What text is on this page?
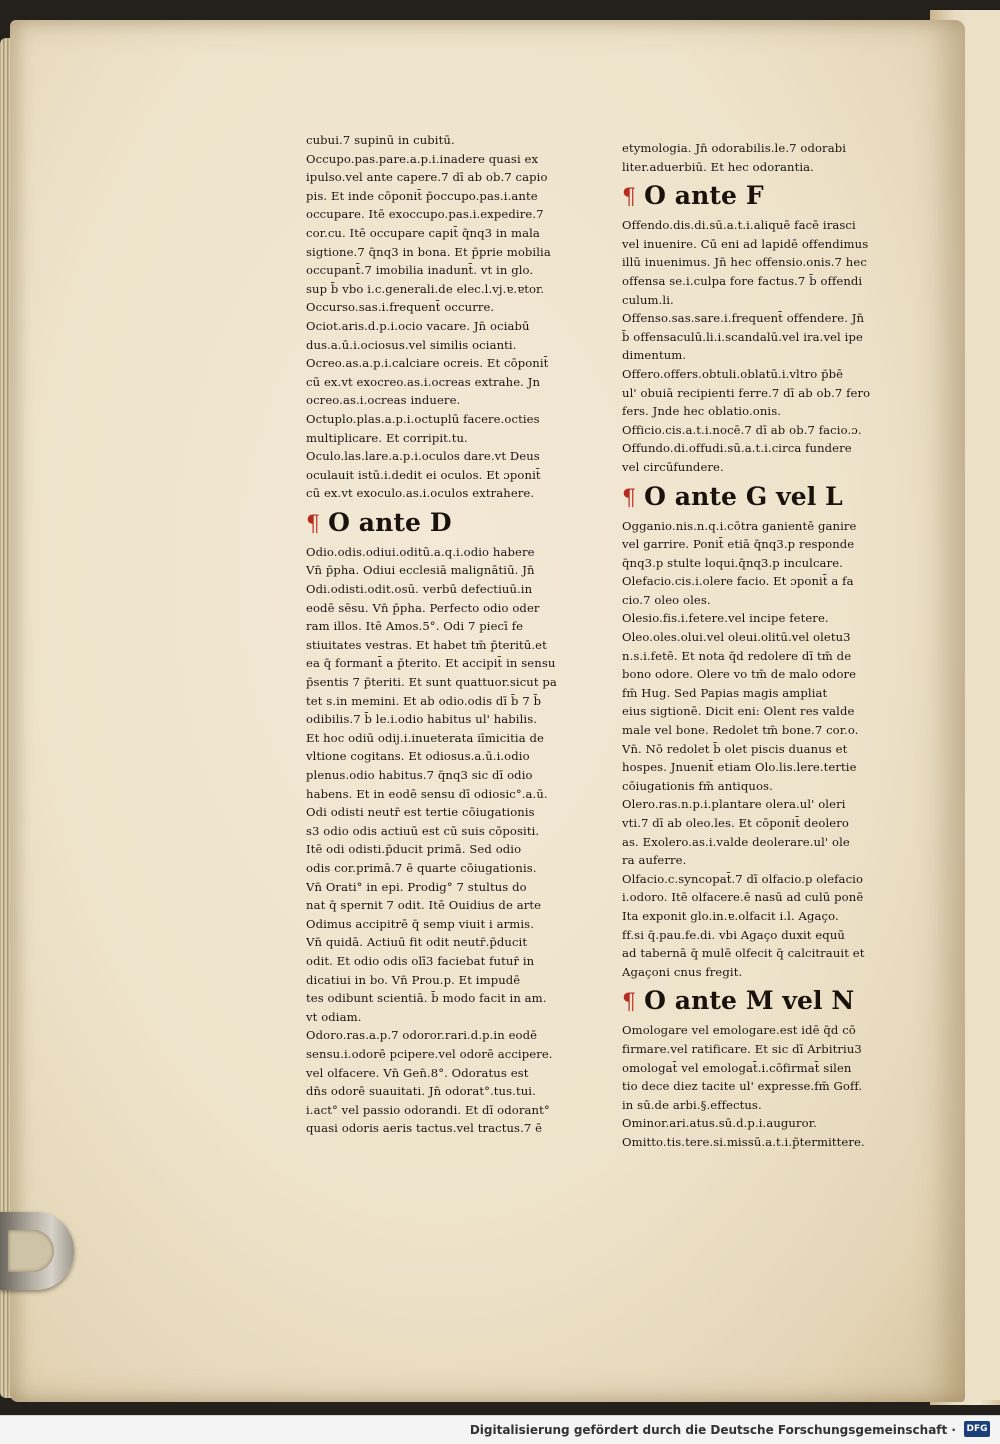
cubui.7 supinū in cubitū.
Occupo.pas.pare.a.p.i.inadere quasi ex
ipulso.vel ante capere.7 dī ab ob.7 capio
pis. Et inde cōponit̄ p̄occupo.pas.i.ante
occupare. Itē exoccupo.pas.i.expedire.7
cor.cu. Itē occupare capit̄ q̄nq3 in mala
sigtione.7 q̄nq3 in bona. Et p̄prie mobilia
occupant̄.7 imobilia inadunt̄. vt in glo.
sup b̄ vbo i.c.generali.de elec.l.vj.ɐ.ɐtor.
Occurso.sas.i.frequent̄ occurre.
Ociot.aris.d.p.i.ocio vacare. Jn̄ ociabū
dus.a.ū.i.ociosus.vel similis ocianti.
Ocreo.as.a.p.i.calciare ocreis. Et cōponit̄
cū ex.vt exocreo.as.i.ocreas extrahe. Jn
ocreo.as.i.ocreas induere.
Octuplo.plas.a.p.i.octuplū facere.octies
multiplicare. Et corripit.tu.
Oculo.las.lare.a.p.i.oculos dare.vt Deus
oculauit istū.i.dedit ei oculos. Et ɔponit̄
cū ex.vt exoculo.as.i.oculos extrahere.
¶ O ante D
Odio.odis.odiui.oditū.a.q.i.odio habere
Vn̄ p̄pha. Odiui ecclesiā malignātiū. Jn̄
Odi.odisti.odit.osū. verbū defectiuū.in
eodē sēsu. Vn̄ p̄pha. Perfecto odio oder
ram illos. Itē Amos.5°. Odi 7 piecī fe
stiuitates vestras. Et habet tm̄ p̄teritū.et
ea q̄ formant̄ a p̄terito. Et accipit̄ in sensu
p̄sentis 7 p̄teriti. Et sunt quattuor.sicut pa
tet s.in memini. Et ab odio.odis dī b̄ 7 b̄
odibilis.7 b̄ le.i.odio habitus ul' habilis.
Et hoc odiū odij.i.inueterata iīmicitia de
vltione cogitans. Et odiosus.a.ū.i.odio
plenus.odio habitus.7 q̄nq3 sic dī odio
habens. Et in eodē sensu dī odiosic°.a.ū.
Odi odisti neutr̄ est tertie cōiugationis
s3 odio odis actiuū est cū suis cōpositi.
Itē odi odisti.p̄ducit primā. Sed odio
odis cor.primā.7 ē quarte cōiugationis.
Vn̄ Orati° in epi. Prodig° 7 stultus do
nat q̄ spernit 7 odit. Itē Ouidius de arte
Odimus accipitrē q̄ semp viuit i armis.
Vn̄ quidā. Actiuū fit odit neutr̄.p̄ducit
odit. Et odio odis olī3 faciebat futur̄ in
dicatiui in bo. Vn̄ Prou.p. Et impudē
tes odibunt scientiā. b̄ modo facit in am.
vt odiam.
Odoro.ras.a.p.7 odoror.rari.d.p.in eodē
sensu.i.odorē pcipere.vel odorē accipere.
vel olfacere. Vn̄ Gen̄.8°. Odoratus est
dn̄s odorē suauitati. Jn̄ odorat°.tus.tui.
i.act° vel passio odorandi. Et dī odorant°
quasi odoris aeris tactus.vel tractus.7 ē
etymologia. Jn̄ odorabilis.le.7 odorabi
liter.aduerbiū. Et hec odorantia.
¶ O ante F
Offendo.dis.di.sū.a.t.i.aliquē facē irasci
vel inuenire. Cū eni ad lapidē offendimus
illū inuenimus. Jn̄ hec offensio.onis.7 hec
offensa se.i.culpa fore factus.7 b̄ offendi
culum.li.
Offenso.sas.sare.i.frequent̄ offendere. Jn̄
b̄ offensaculū.li.i.scandalū.vel ira.vel ipe
dimentum.
Offero.offers.obtuli.oblatū.i.vltro p̄bē
ul' obuiā recipienti ferre.7 dī ab ob.7 fero
fers. Jnde hec oblatio.onis.
Officio.cis.a.t.i.nocē.7 dī ab ob.7 facio.ɔ.
Offundo.di.offudi.sū.a.t.i.circa fundere
vel circūfundere.
¶ O ante G vel L
Ogganio.nis.n.q.i.cōtra ganientē ganire
vel garrire. Ponit̄ etiā q̄nq3.p responde
q̄nq3.p stulte loqui.q̄nq3.p inculcare.
Olefacio.cis.i.olere facio. Et ɔponit̄ a fa
cio.7 oleo oles.
Olesio.fis.i.fetere.vel incipe fetere.
Oleo.oles.olui.vel oleui.olitū.vel oletu3
n.s.i.fetē. Et nota q̄d redolere dī tm̄ de
bono odore. Olere vo tm̄ de malo odore
fm̄ Hug. Sed Papias magis ampliat
eius sigtionē. Dicit eni: Olent res valde
male vel bone. Redolet tm̄ bone.7 cor.o.
Vn̄. Nō redolet b̄ olet piscis duanus et
hospes. Jnuenit̄ etiam Olo.lis.lere.tertie
cōiugationis fm̄ antiquos.
Olero.ras.n.p.i.plantare olera.ul' oleri
vti.7 dī ab oleo.les. Et cōponit̄ deolero
as. Exolero.as.i.valde deolerare.ul' ole
ra auferre.
Olfacio.c.syncopat̄.7 dī olfacio.p olefacio
i.odoro. Itē olfacere.ē nasū ad culū ponē
Ita exponit glo.in.ɐ.olfacit i.l. Agaço.
ff.si q̄.pau.fe.di. vbi Agaço duxit equū
ad tabernā q̄ mulē olfecit q̄ calcitrauit et
Agaçoni cnus fregit.
¶ O ante M vel N
Omologare vel emologare.est idē q̄d cō
firmare.vel ratificare. Et sic dī Arbitriu3
omologat̄ vel emologat̄.i.cōfirmat̄ silen
tio dece diez tacite ul' expresse.fm̄ Goff.
in sū.de arbi.§.effectus.
Ominor.ari.atus.sū.d.p.i.auguror.
Omitto.tis.tere.si.missū.a.t.i.p̄termittere.
Digitalisierung gefördert durch die Deutsche Forschungsgemeinschaft · DFG
